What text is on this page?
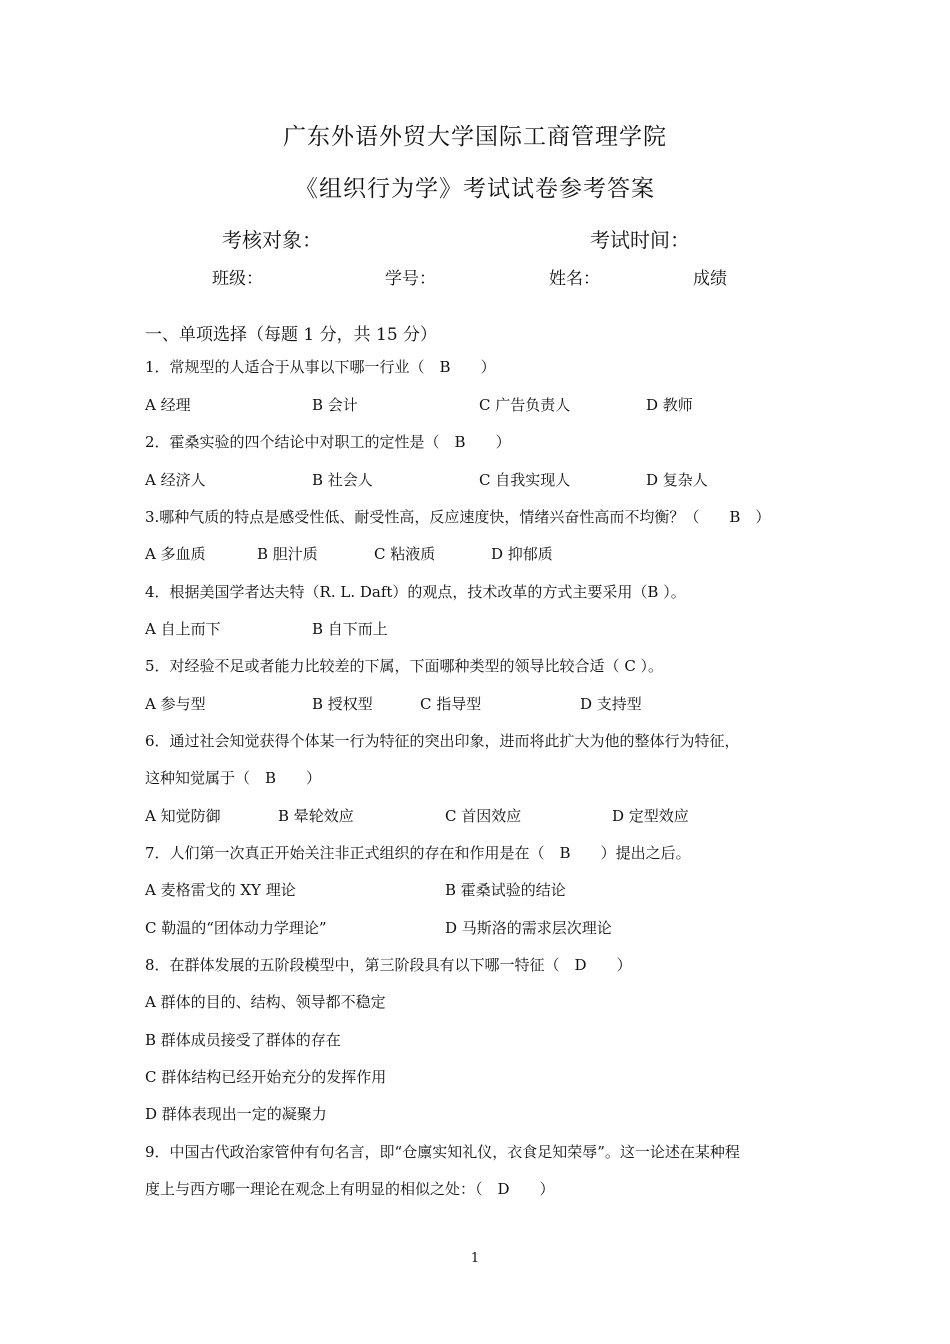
广东外语外贸大学国际工商管理学院
《组织行为学》考试试卷参考答案
考核对象：	考试时间：
班级：	学号：	姓名：	成绩
一、单项选择（每题 1 分，共 15 分）
1．常规型的人适合于从事以下哪一行业（　B　　）
A 经理	B 会计	C 广告负责人	D 教师
2．霍桑实验的四个结论中对职工的定性是（　B　　）
A 经济人	B 社会人	C 自我实现人	D 复杂人
3.哪种气质的特点是感受性低、耐受性高，反应速度快，情绪兴奋性高而不均衡？（　　B　）
A 多血质	B 胆汁质	C 粘液质	D 抑郁质
4．根据美国学者达夫特（R. L. Daft）的观点，技术改革的方式主要采用（B ）。
A 自上而下	B 自下而上
5．对经验不足或者能力比较差的下属，下面哪种类型的领导比较合适（ C ）。
A 参与型	B 授权型	C 指导型	D 支持型
6．通过社会知觉获得个体某一行为特征的突出印象，进而将此扩大为他的整体行为特征，
这种知觉属于（　B　　）
A 知觉防御	B 晕轮效应	C 首因效应	D 定型效应
7．人们第一次真正开始关注非正式组织的存在和作用是在（　B　　）提出之后。
A 麦格雷戈的 XY 理论	B 霍桑试验的结论
C 勒温的“团体动力学理论”	D 马斯洛的需求层次理论
8．在群体发展的五阶段模型中，第三阶段具有以下哪一特征（　D　　）
A 群体的目的、结构、领导都不稳定
B 群体成员接受了群体的存在
C 群体结构已经开始充分的发挥作用
D 群体表现出一定的凝聚力
9．中国古代政治家管仲有句名言，即“仓廪实知礼仪，衣食足知荣辱”。这一论述在某种程
度上与西方哪一理论在观念上有明显的相似之处：（　D　　）
1
